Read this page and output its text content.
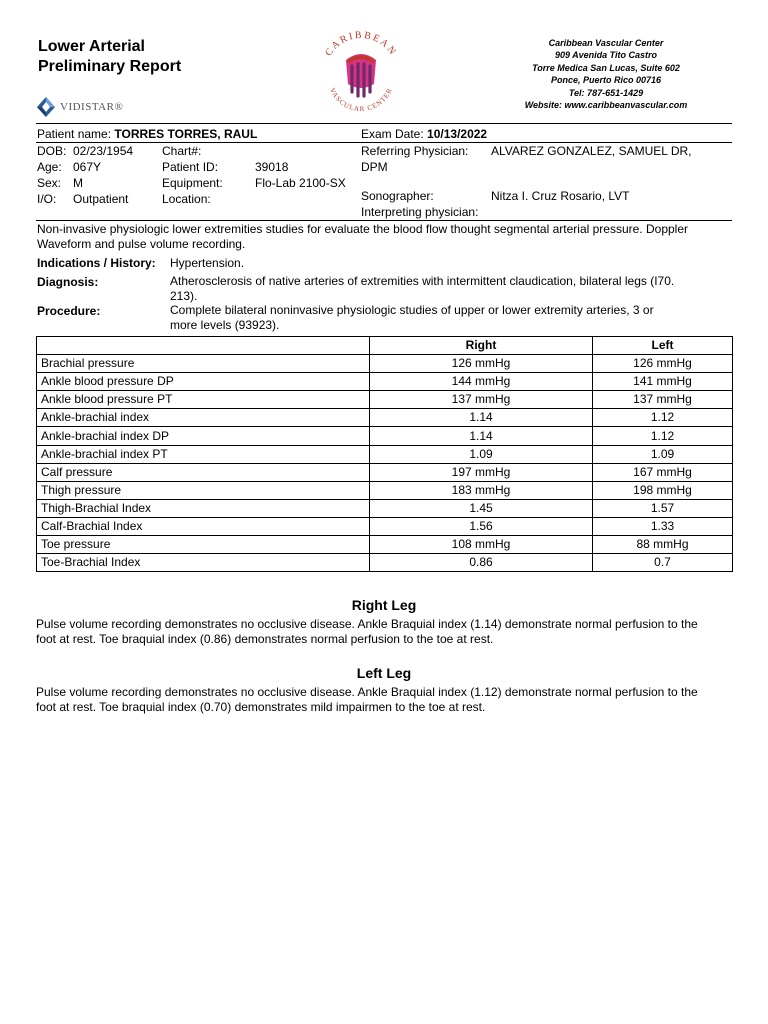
Lower Arterial
Preliminary Report
VIDISTAR®
CARIBBEAN
VASCULAR CENTER
Caribbean Vascular Center
909 Avenida Tito Castro
Torre Medica San Lucas, Suite 602
Ponce, Puerto Rico 00716
Tel: 787-651-1429
Website: www.caribbeanvascular.com
Patient name: TORRES TORRES, RAUL	Exam Date: 10/13/2022
DOB: 02/23/1954
Age: 067Y
Sex: M
I/O: Outpatient
Chart#:
Patient ID:	39018
Equipment:	Flo-Lab 2100-SX
Location:
Referring Physician: ALVAREZ GONZALEZ, SAMUEL DR,
DPM
Sonographer:	Nitza I. Cruz Rosario, LVT
Interpreting physician:
Non-invasive physiologic lower extremities studies for evaluate the blood flow thought segmental arterial pressure. Doppler
Waveform and pulse volume recording.
Indications / History: Hypertension.
Diagnosis:	Atherosclerosis of native arteries of extremities with intermittent claudication, bilateral legs (I70.
213).
Procedure:	Complete bilateral noninvasive physiologic studies of upper or lower extremity arteries, 3 or
more levels (93923).
	Right	Left
Brachial pressure	126 mmHg	126 mmHg
Ankle blood pressure DP	144 mmHg	141 mmHg
Ankle blood pressure PT	137 mmHg	137 mmHg
Ankle-brachial index	1.14	1.12
Ankle-brachial index DP	1.14	1.12
Ankle-brachial index PT	1.09	1.09
Calf pressure	197 mmHg	167 mmHg
Thigh pressure	183 mmHg	198 mmHg
Thigh-Brachial Index	1.45	1.57
Calf-Brachial Index	1.56	1.33
Toe pressure	108 mmHg	88 mmHg
Toe-Brachial Index	0.86	0.7
Right Leg
Pulse volume recording demonstrates no occlusive disease. Ankle Braquial index (1.14) demonstrate normal perfusion to the
foot at rest. Toe braquial index (0.86) demonstrates normal perfusion to the toe at rest.
Left Leg
Pulse volume recording demonstrates no occlusive disease. Ankle Braquial index (1.12) demonstrate normal perfusion to the
foot at rest. Toe braquial index (0.70) demonstrates mild impairmen to the toe at rest.
